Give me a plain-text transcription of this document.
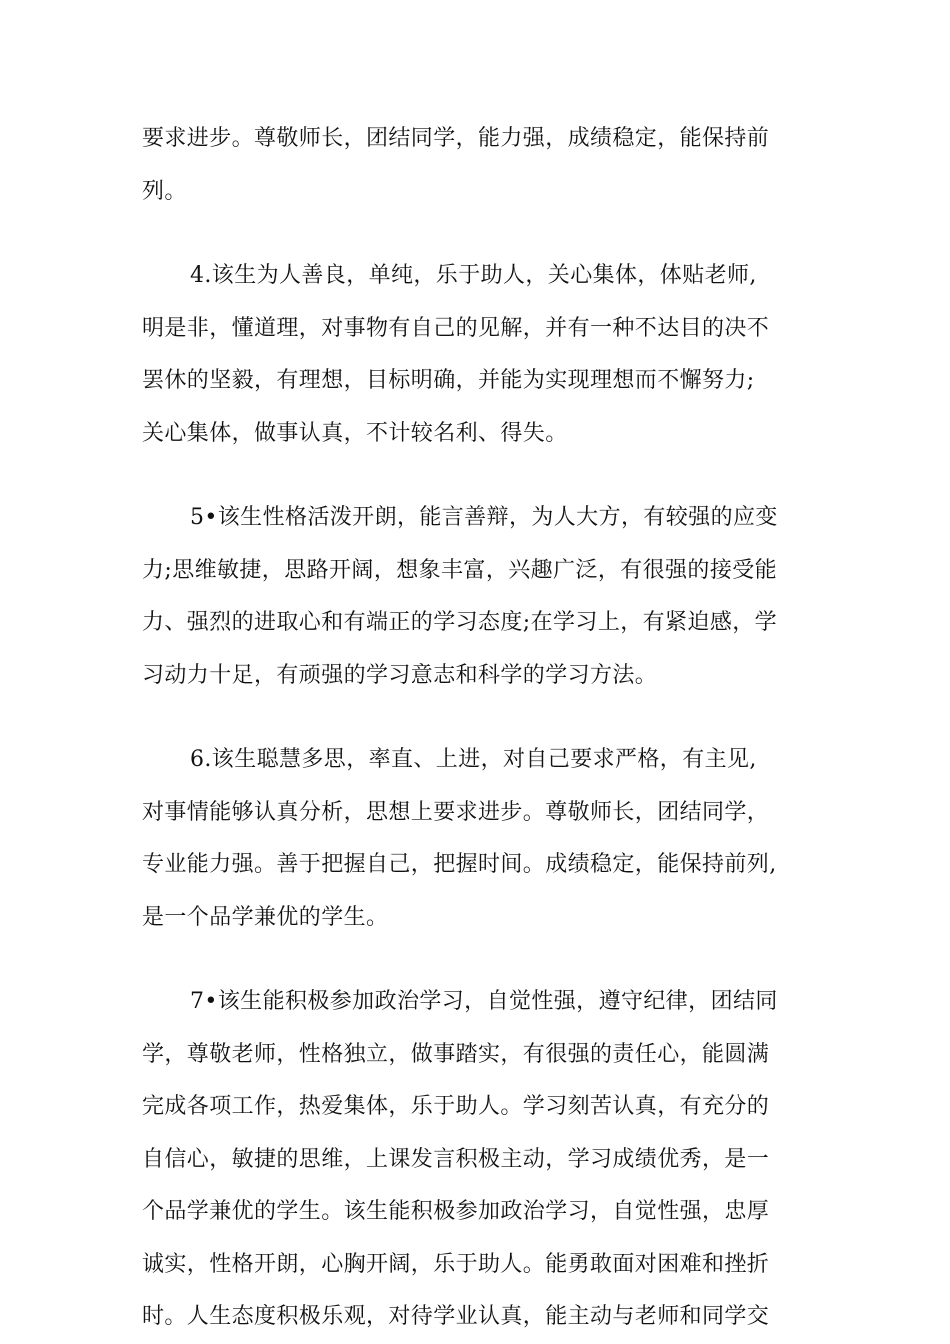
要求进步。尊敬师长，团结同学，能力强，成绩稳定，能保持前
列。

4.该生为人善良，单纯，乐于助人，关心集体，体贴老师,
明是非，懂道理，对事物有自己的见解，并有一种不达目的决不
罢休的坚毅，有理想，目标明确，并能为实现理想而不懈努力;
关心集体，做事认真，不计较名利、得失。

5•该生性格活泼开朗，能言善辩，为人大方，有较强的应变
力;思维敏捷，思路开阔，想象丰富，兴趣广泛，有很强的接受能
力、强烈的进取心和有端正的学习态度;在学习上，有紧迫感，学
习动力十足，有顽强的学习意志和科学的学习方法。

6.该生聪慧多思，率直、上进，对自己要求严格，有主见,
对事情能够认真分析，思想上要求进步。尊敬师长，团结同学，
专业能力强。善于把握自己，把握时间。成绩稳定，能保持前列,
是一个品学兼优的学生。

7•该生能积极参加政治学习，自觉性强，遵守纪律，团结同
学，尊敬老师，性格独立，做事踏实，有很强的责任心，能圆满
完成各项工作，热爱集体，乐于助人。学习刻苦认真，有充分的
自信心，敏捷的思维，上课发言积极主动，学习成绩优秀，是一
个品学兼优的学生。该生能积极参加政治学习，自觉性强，忠厚
诚实，性格开朗，心胸开阔，乐于助人。能勇敢面对困难和挫折
时。人生态度积极乐观，对待学业认真，能主动与老师和同学交
